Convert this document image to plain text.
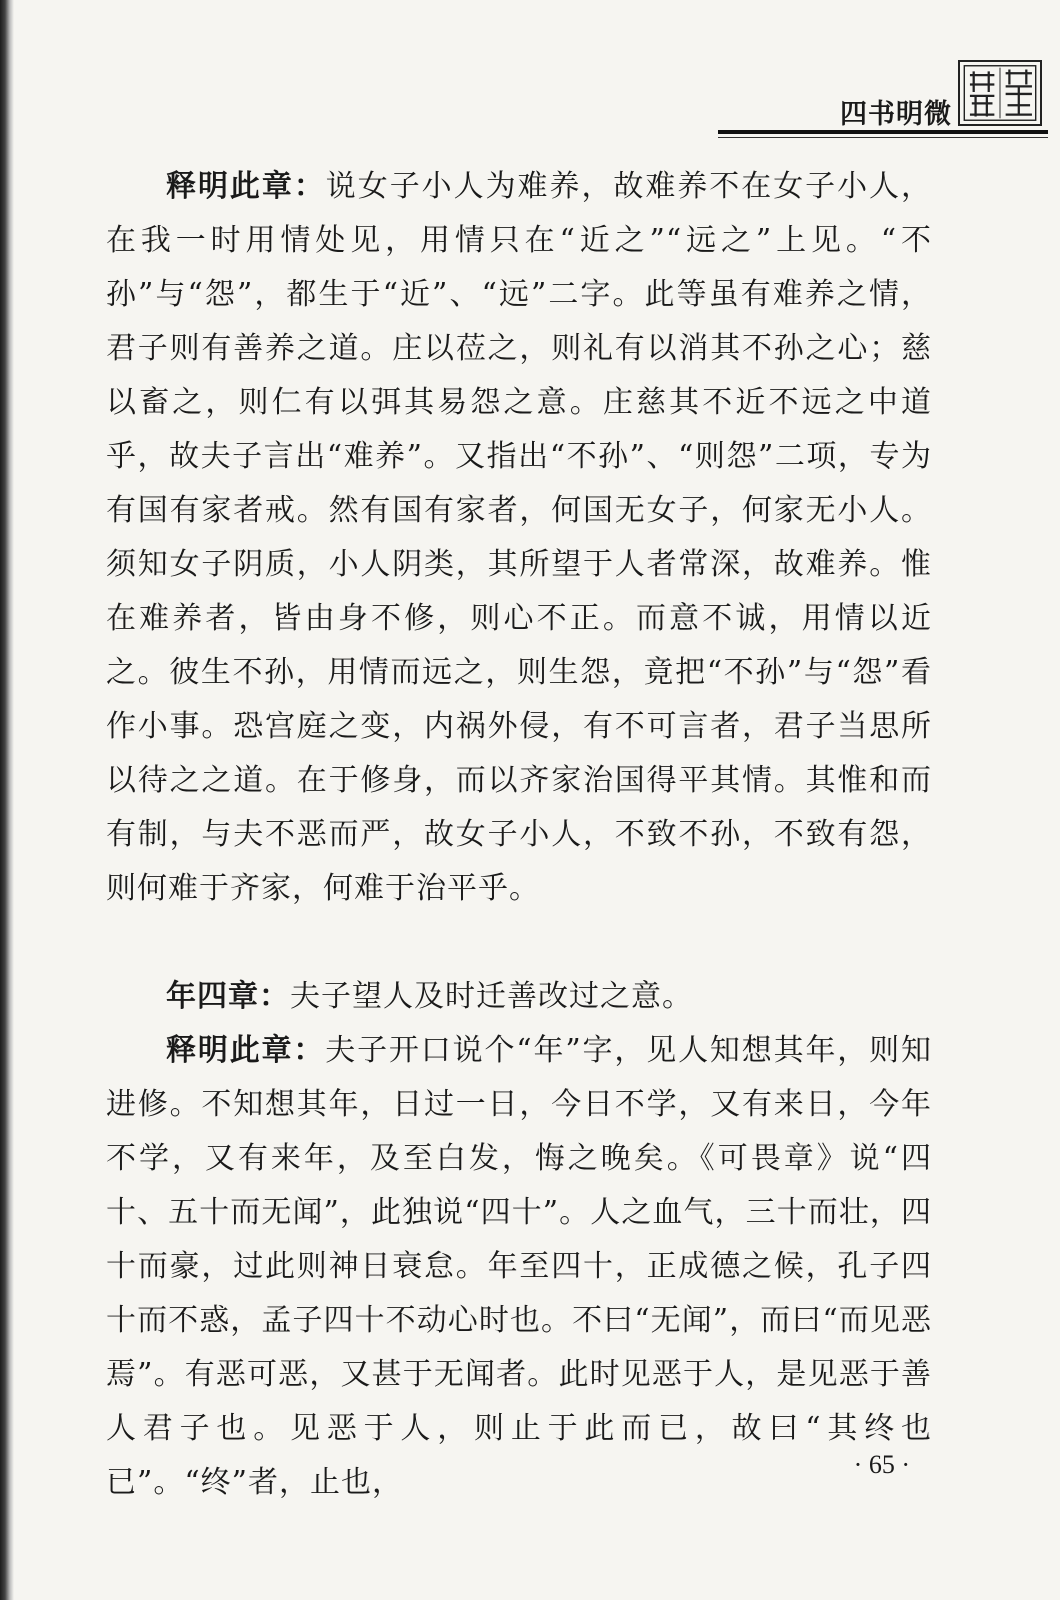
四书明微

释明此章：说女子小人为难养，故难养不在女子小人，在我一时用情处见，用情只在“近之”“远之”上见。“不孙”与“怨”，都生于“近”、“远”二字。此等虽有难养之情，君子则有善养之道。庄以莅之，则礼有以消其不孙之心；慈以畜之，则仁有以弭其易怨之意。庄慈其不近不远之中道乎，故夫子言出“难养”。又指出“不孙”、“则怨”二项，专为有国有家者戒。然有国有家者，何国无女子，何家无小人。须知女子阴质，小人阴类，其所望于人者常深，故难养。惟在难养者，皆由身不修，则心不正。而意不诚，用情以近之。彼生不孙，用情而远之，则生怨，竟把“不孙”与“怨”看作小事。恐宫庭之变，内祸外侵，有不可言者，君子当思所以待之之道。在于修身，而以齐家治国得平其情。其惟和而有制，与夫不恶而严，故女子小人，不致不孙，不致有怨，则何难于齐家，何难于治平乎。

年四章：夫子望人及时迁善改过之意。

释明此章：夫子开口说个“年”字，见人知想其年，则知进修。不知想其年，日过一日，今日不学，又有来日，今年不学，又有来年，及至白发，悔之晚矣。《可畏章》说“四十、五十而无闻”，此独说“四十”。人之血气，三十而壮，四十而豪，过此则神日衰怠。年至四十，正成德之候，孔子四十而不惑，孟子四十不动心时也。不曰“无闻”，而曰“而见恶焉”。有恶可恶，又甚于无闻者。此时见恶于人，是见恶于善人君子也。见恶于人，则止于此而已，故曰“其终也已”。“终”者，止也，

· 65 ·
